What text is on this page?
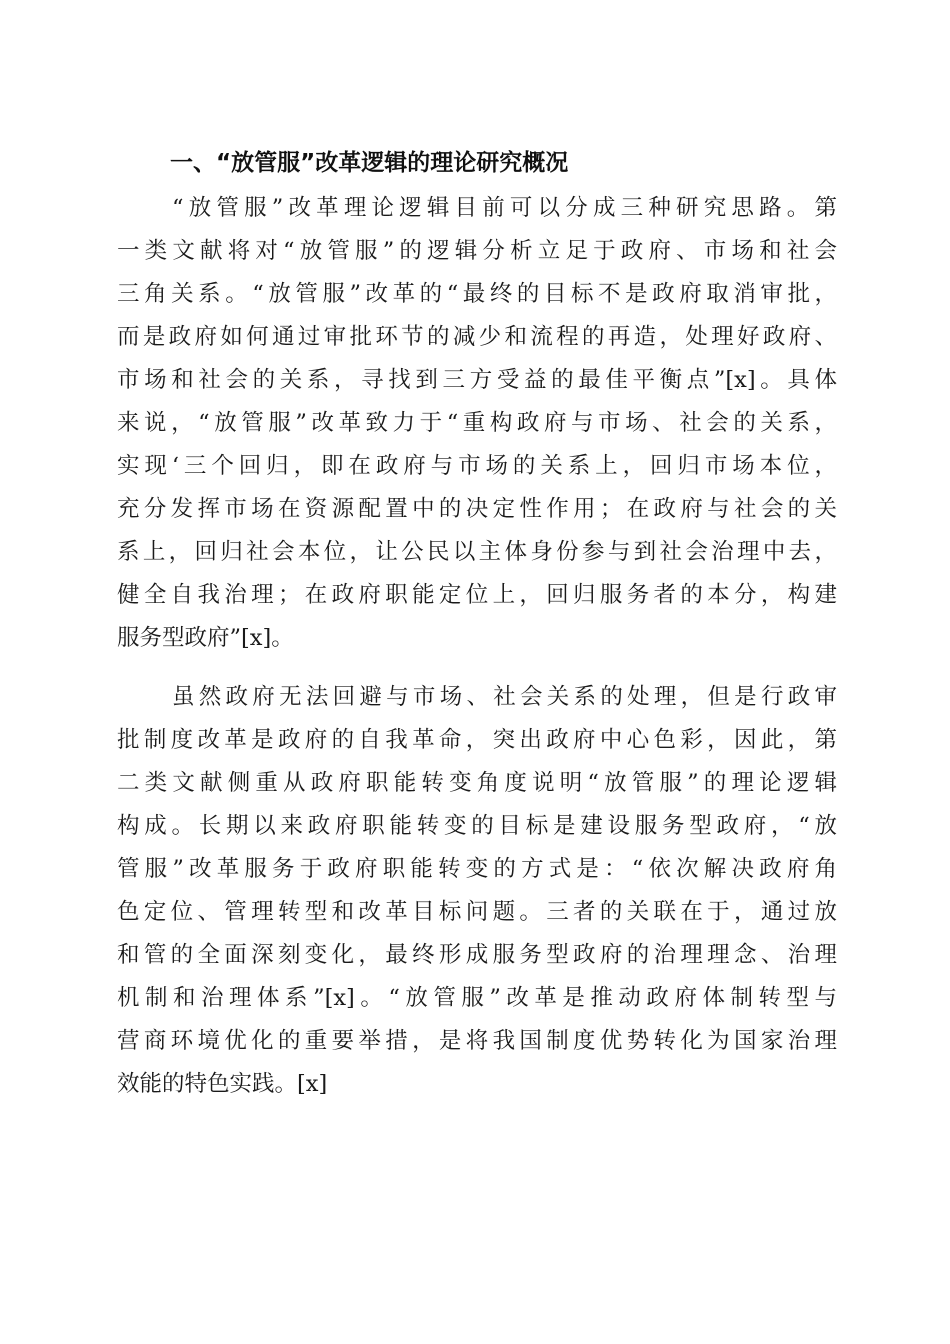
一、“放管服”改革逻辑的理论研究概况
“放管服”改革理论逻辑目前可以分成三种研究思路。第
一类文献将对“放管服”的逻辑分析立足于政府、市场和社会
三角关系。“放管服”改革的“最终的目标不是政府取消审批，
而是政府如何通过审批环节的减少和流程的再造，处理好政府、
市场和社会的关系，寻找到三方受益的最佳平衡点”[x]。具体
来说，“放管服”改革致力于“重构政府与市场、社会的关系，
实现‘三个回归，即在政府与市场的关系上，回归市场本位，
充分发挥市场在资源配置中的决定性作用；在政府与社会的关
系上，回归社会本位，让公民以主体身份参与到社会治理中去，
健全自我治理；在政府职能定位上，回归服务者的本分，构建
服务型政府”[x]。
虽然政府无法回避与市场、社会关系的处理，但是行政审
批制度改革是政府的自我革命，突出政府中心色彩，因此，第
二类文献侧重从政府职能转变角度说明“放管服”的理论逻辑
构成。长期以来政府职能转变的目标是建设服务型政府，“放
管服”改革服务于政府职能转变的方式是：“依次解决政府角
色定位、管理转型和改革目标问题。三者的关联在于，通过放
和管的全面深刻变化，最终形成服务型政府的治理理念、治理
机制和治理体系”[x]。“放管服”改革是推动政府体制转型与
营商环境优化的重要举措，是将我国制度优势转化为国家治理
效能的特色实践。[x]
